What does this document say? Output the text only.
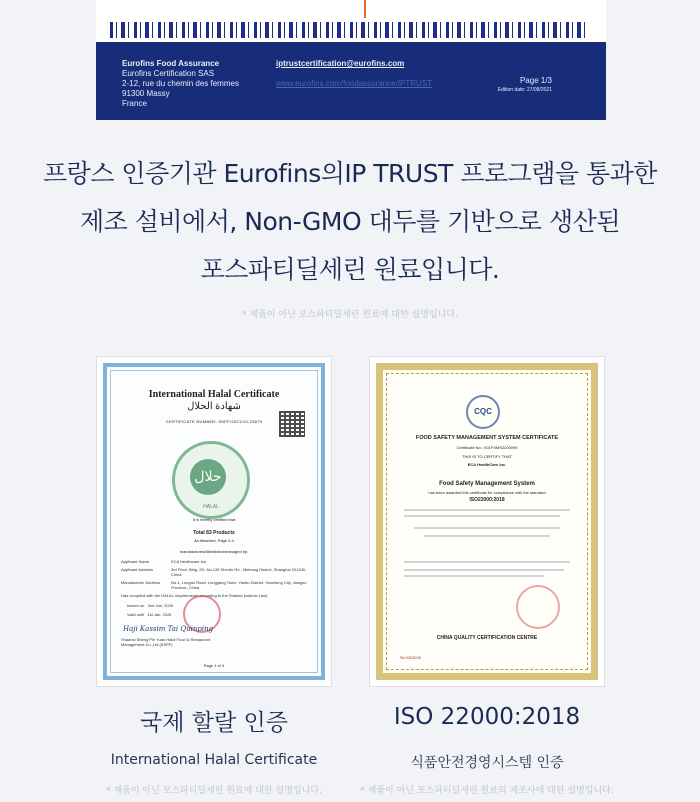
Eurofins Food Assurance
Eurofins Certification SAS
2-12, rue du chemin des femmes
91300 Massy
France
iptrustcertification@eurofins.com
www.eurofins.com/foodassurance/IPTRUST	Page 1/3
Edition date: 27/08/2021
프랑스 인증기관 Eurofins의IP TRUST 프로그램을 통과한
제조 설비에서, Non-GMO 대두를 기반으로 생산된
포스파티딜세린 원료입니다.
* 제품이 아닌 포스파티딜세린 원료에 대한 설명입니다.
International Halal Certificate
شهادة الحلال
CERTIFICATE NUMBER: SSPF/2021/10-23879
حلال
HALAL
It is hereby certified that
Total 83 Products
As Attached, Page 2-4
manufactured/distributed/managed by:
Applicant Name	ECA Healthcare Inc.
Applicant Address	3rd Floor, Bldg. 2D, No.128 Shenfu Rd., Minhang District, Shanghai 201108, China
Manufacturer Address	No.1, Longrui Road, Longgang Town, Yandu District, Yancheng City, Jiangsu Province, China
Has complied with the HALAL requirements according to the Shariah (Islamic Law).
Issued on 2nd Jan, 2026
Valid until 1st Jan, 2026
Haji Kassim Tai Quinping
Shaanxi Sheng Pin Yuan Halal Food & Restaurant Management Co.,Ltd (SSPF)
Page 1 of 4
CQC
FOOD SAFETY MANAGEMENT SYSTEM CERTIFICATE
Certificate No.: 001FSMS2200099
THIS IS TO CERTIFY THAT
ECA HealthCare Inc.
Food Safety Management System
has been awarded this certificate for compliance with the standard
ISO22000:2018
CHINA QUALITY CERTIFICATION CENTRE
№ 0003026
국제 할랄 인증
International Halal Certificate
* 제품이 아닌 포스파티딜세린 원료에 대한 설명입니다.
ISO 22000:2018
식품안전경영시스템 인증
* 제품이 아닌 포스파티딜세린 원료의 제조사에 대한 설명입니다.
